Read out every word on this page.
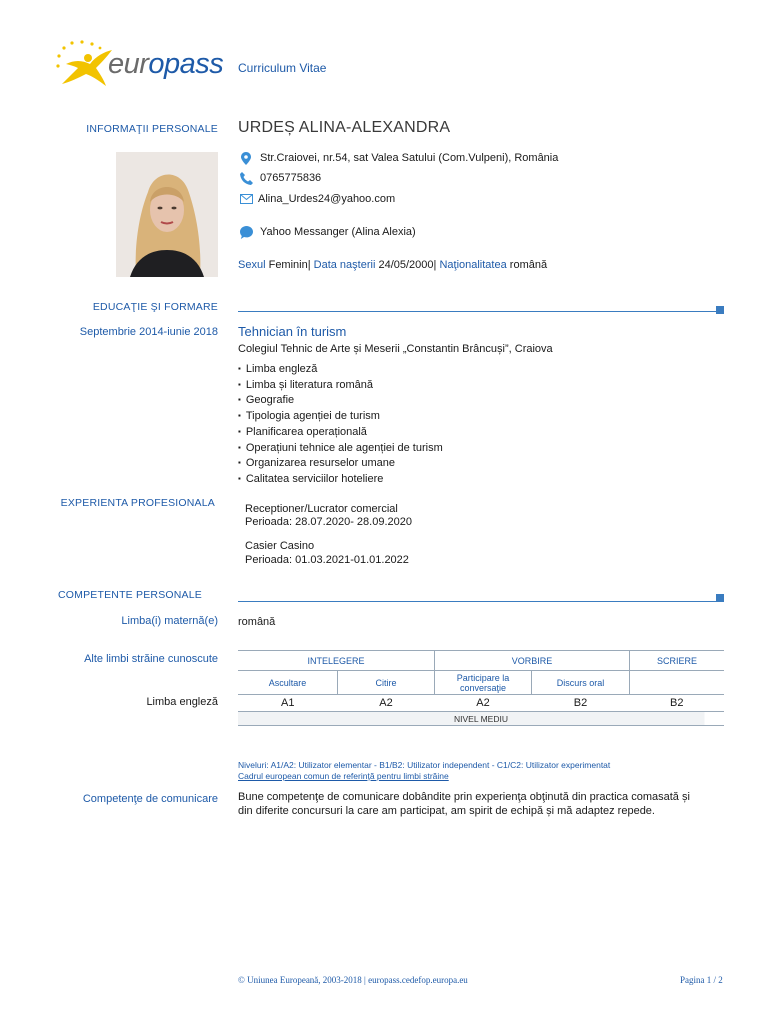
europass Curriculum Vitae
INFORMAŢII PERSONALE URDEȘ ALINA-ALEXANDRA
Str.Craiovei, nr.54, sat Valea Satului (Com.Vulpeni), România
0765775836
Alina_Urdes24@yahoo.com
Yahoo Messanger (Alina Alexia)
Sexul Feminin| Data naşterii 24/05/2000| Naţionalitatea română
EDUCAŢIE ŞI FORMARE
Septembrie 2014-iunie 2018 Tehnician în turism
Colegiul Tehnic de Arte și Meserii „Constantin Brâncuși”, Craiova
▪ Limba engleză
▪ Limba și literatura română
▪ Geografie
▪ Tipologia agenției de turism
▪ Planificarea operațională
▪ Operațiuni tehnice ale agenției de turism
▪ Organizarea resurselor umane
▪ Calitatea serviciilor hoteliere
EXPERIENTA PROFESIONALA	Receptioner/Lucrator comercial
Perioada: 28.07.2020- 28.09.2020
Casier Casino
Perioada: 01.03.2021-01.01.2022
COMPETENTE PERSONALE
Limba(i) maternă(e) română
Alte limbi străine cunoscute	INTELEGERE		VORBIRE		SCRIERE
Ascultare	Citire	Participare la conversaţie	Discurs oral	
A1	A2	A2	B2	B2
NIVEL MEDIU				
Limba engleză
Niveluri: A1/A2: Utilizator elementar - B1/B2: Utilizator independent - C1/C2: Utilizator experimentat
Cadrul european comun de referinţă pentru limbi străine
Competenţe de comunicare Bune competenţe de comunicare dobândite prin experienţa obţinută din practica comasată și
din diferite concursuri la care am participat, am spirit de echipă și mă adaptez repede.
© Uniunea Europeană, 2003-2018 | europass.cedefop.europa.eu	Pagina 1 / 2
